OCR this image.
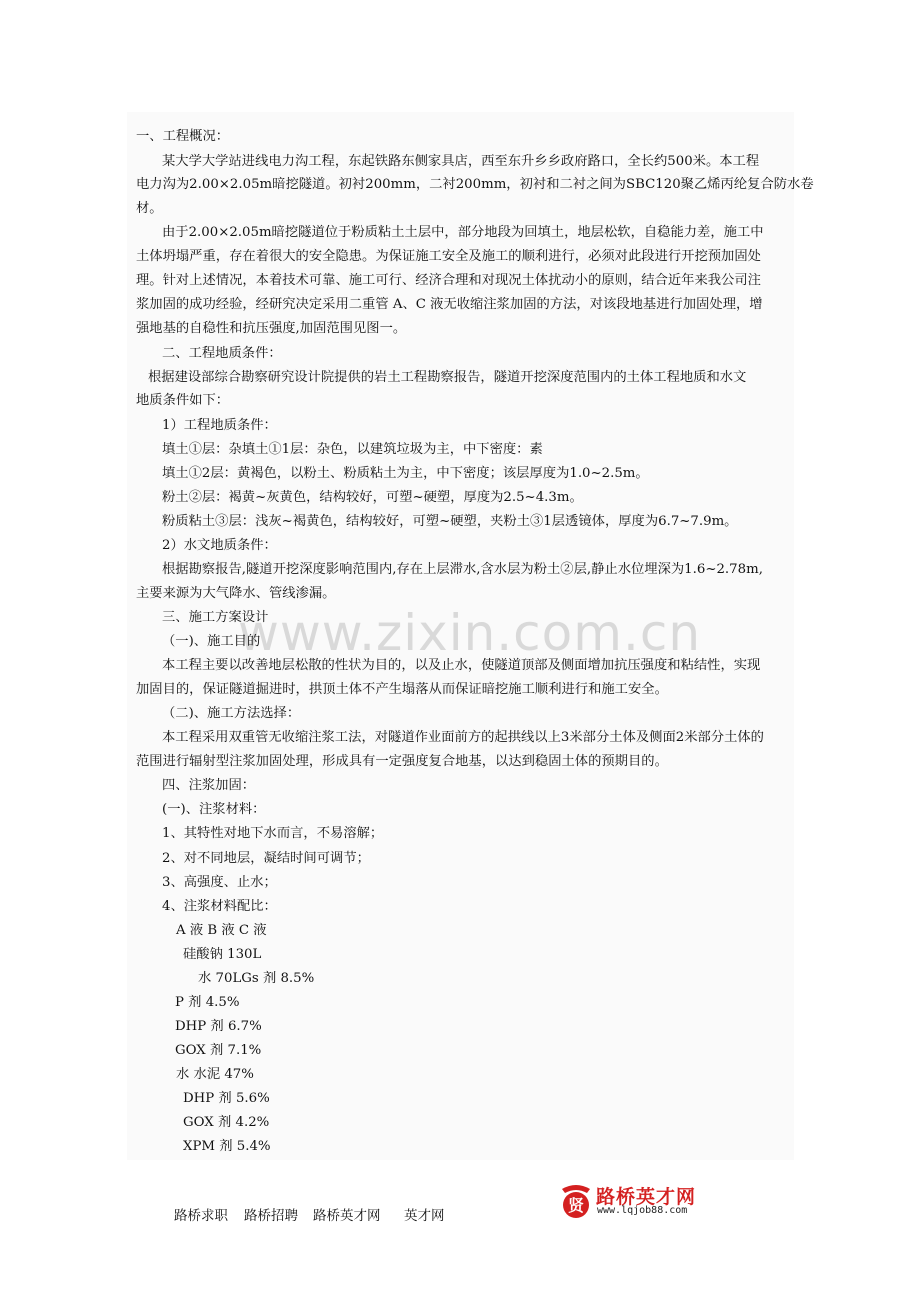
www.zixin.com.cn
一、工程概况：
某大学大学站进线电力沟工程，东起铁路东侧家具店，西至东升乡乡政府路口，全长约500米。本工程
电力沟为2.00×2.05m暗挖隧道。初衬200mm，二衬200mm，初衬和二衬之间为SBC120聚乙烯丙纶复合防水卷
材。
由于2.00×2.05m暗挖隧道位于粉质粘土土层中，部分地段为回填土，地层松软，自稳能力差，施工中
土体坍塌严重，存在着很大的安全隐患。为保证施工安全及施工的顺利进行，必须对此段进行开挖预加固处
理。针对上述情况，本着技术可靠、施工可行、经济合理和对现况土体扰动小的原则，结合近年来我公司注
浆加固的成功经验，经研究决定采用二重管 A、C 液无收缩注浆加固的方法，对该段地基进行加固处理，增
强地基的自稳性和抗压强度,加固范围见图一。
二、工程地质条件：
根据建设部综合勘察研究设计院提供的岩土工程勘察报告，隧道开挖深度范围内的土体工程地质和水文
地质条件如下：
1）工程地质条件：
填土①层：杂填土①1层：杂色，以建筑垃圾为主，中下密度：素
填土①2层：黄褐色，以粉土、粉质粘土为主，中下密度；该层厚度为1.0~2.5m。
粉土②层：褐黄~灰黄色，结构较好，可塑~硬塑，厚度为2.5~4.3m。
粉质粘土③层：浅灰~褐黄色，结构较好，可塑~硬塑，夹粉土③1层透镜体，厚度为6.7~7.9m。
2）水文地质条件：
根据勘察报告,隧道开挖深度影响范围内,存在上层滞水,含水层为粉土②层,静止水位埋深为1.6~2.78m,
主要来源为大气降水、管线渗漏。
三、施工方案设计
（一)、施工目的
本工程主要以改善地层松散的性状为目的，以及止水，使隧道顶部及侧面增加抗压强度和粘结性，实现
加固目的，保证隧道掘进时，拱顶土体不产生塌落从而保证暗挖施工顺利进行和施工安全。
（二)、施工方法选择：
本工程采用双重管无收缩注浆工法，对隧道作业面前方的起拱线以上3米部分土体及侧面2米部分土体的
范围进行辐射型注浆加固处理，形成具有一定强度复合地基，以达到稳固土体的预期目的。
四、注浆加固：
(一)、注浆材料：
1、其特性对地下水而言，不易溶解；
2、对不同地层，凝结时间可调节；
3、高强度、止水；
4、注浆材料配比：
A 液 B 液 C 液
硅酸钠 130L
水 70LGs 剂 8.5%
P 剂 4.5%
DHP 剂 6.7%
GOX 剂 7.1%
水 水泥 47%
DHP 剂 5.6%
GOX 剂 4.2%
XPM 剂 5.4%
路桥求职 路桥招聘 路桥英才网 英才网
贤 路桥英才网
www.lqjob88.com
